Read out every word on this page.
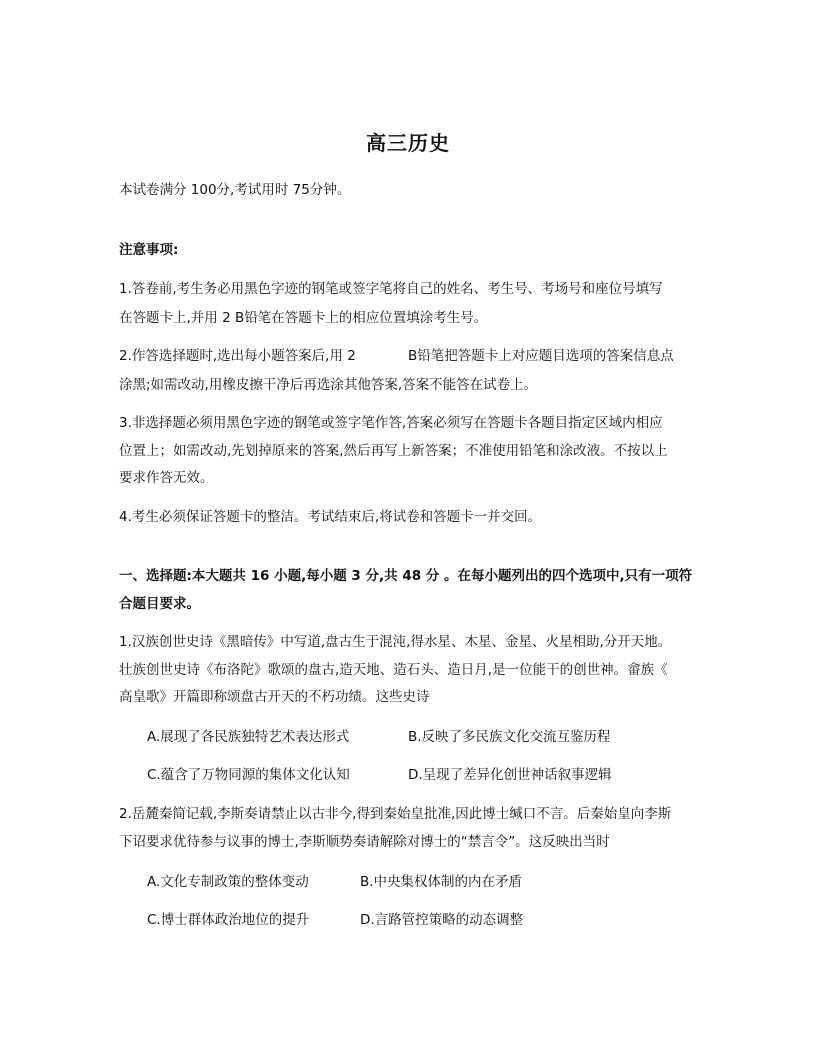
高三历史
本试卷满分 100分,考试用时 75分钟。
注意事项:
1.答卷前,考生务必用黑色字迹的钢笔或签字笔将自己的姓名、考生号、考场号和座位号填写
在答题卡上,并用 2 B铅笔在答题卡上的相应位置填涂考生号。
2.作答选择题时,选出每小题答案后,用 2	B铅笔把答题卡上对应题目选项的答案信息点
涂黑;如需改动,用橡皮擦干净后再选涂其他答案,答案不能答在试卷上。
3.非选择题必须用黑色字迹的钢笔或签字笔作答,答案必须写在答题卡各题目指定区域内相应
位置上；如需改动,先划掉原来的答案,然后再写上新答案；不准使用铅笔和涂改液。不按以上
要求作答无效。
4.考生必须保证答题卡的整洁。考试结束后,将试卷和答题卡一并交回。
一、选择题:本大题共 16 小题,每小题 3 分,共 48 分 。在每小题列出的四个选项中,只有一项符
合题目要求。
1.汉族创世史诗《黑暗传》中写道,盘古生于混沌,得水星、木星、金星、火星相助,分开天地。
壮族创世史诗《布洛陀》歌颂的盘古,造天地、造石头、造日月,是一位能干的创世神。畲族《
高皇歌》开篇即称颂盘古开天的不朽功绩。这些史诗
A.展现了各民族独特艺术表达形式	B.反映了多民族文化交流互鉴历程
C.蕴含了万物同源的集体文化认知	D.呈现了差异化创世神话叙事逻辑
2.岳麓秦简记载,李斯奏请禁止以古非今,得到秦始皇批准,因此博士缄口不言。后秦始皇向李斯
下诏要求优待参与议事的博士,李斯顺势奏请解除对博士的“禁言令”。这反映出当时
A.文化专制政策的整体变动	B.中央集权体制的内在矛盾
C.博士群体政治地位的提升	D.言路管控策略的动态调整
